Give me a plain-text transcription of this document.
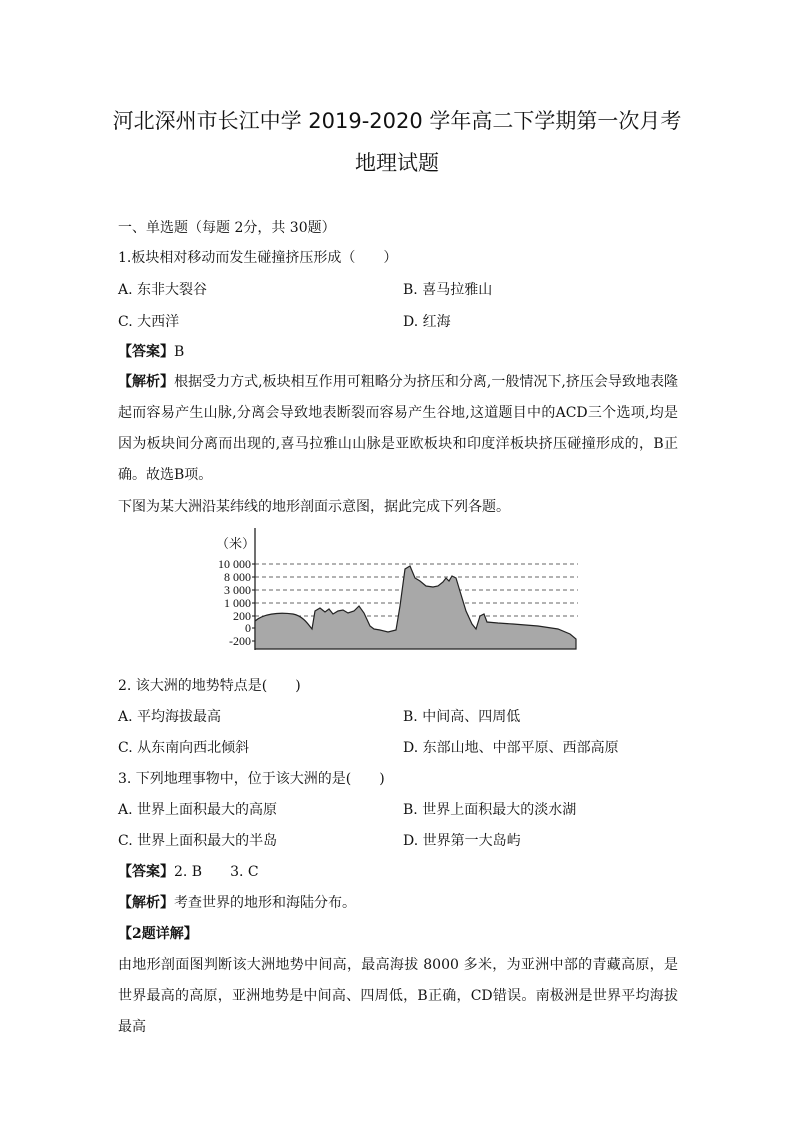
河北深州市长江中学 2019-2020 学年高二下学期第一次月考
地理试题
一、单选题（每题 2分，共 30题）
1.板块相对移动而发生碰撞挤压形成（　　）
A. 东非大裂谷	B. 喜马拉雅山
C. 大西洋	D. 红海
【答案】B
【解析】根据受力方式,板块相互作用可粗略分为挤压和分离,一般情况下,挤压会导致地表隆起而容易产生山脉,分离会导致地表断裂而容易产生谷地,这道题目中的ACD三个选项,均是因为板块间分离而出现的,喜马拉雅山山脉是亚欧板块和印度洋板块挤压碰撞形成的，B正确。故选B项。
下图为某大洲沿某纬线的地形剖面示意图，据此完成下列各题。
（米）
10 000
8 000
3 000
1 000
200
0
-200
2. 该大洲的地势特点是(　　)
A. 平均海拔最高	B. 中间高、四周低
C. 从东南向西北倾斜	D. 东部山地、中部平原、西部高原
3. 下列地理事物中，位于该大洲的是(　　)
A. 世界上面积最大的高原	B. 世界上面积最大的淡水湖
C. 世界上面积最大的半岛	D. 世界第一大岛屿
【答案】2. B　　3. C
【解析】考查世界的地形和海陆分布。
【2题详解】
由地形剖面图判断该大洲地势中间高，最高海拔 8000 多米，为亚洲中部的青藏高原，是世界最高的高原，亚洲地势是中间高、四周低，B正确，CD错误。南极洲是世界平均海拔最高
